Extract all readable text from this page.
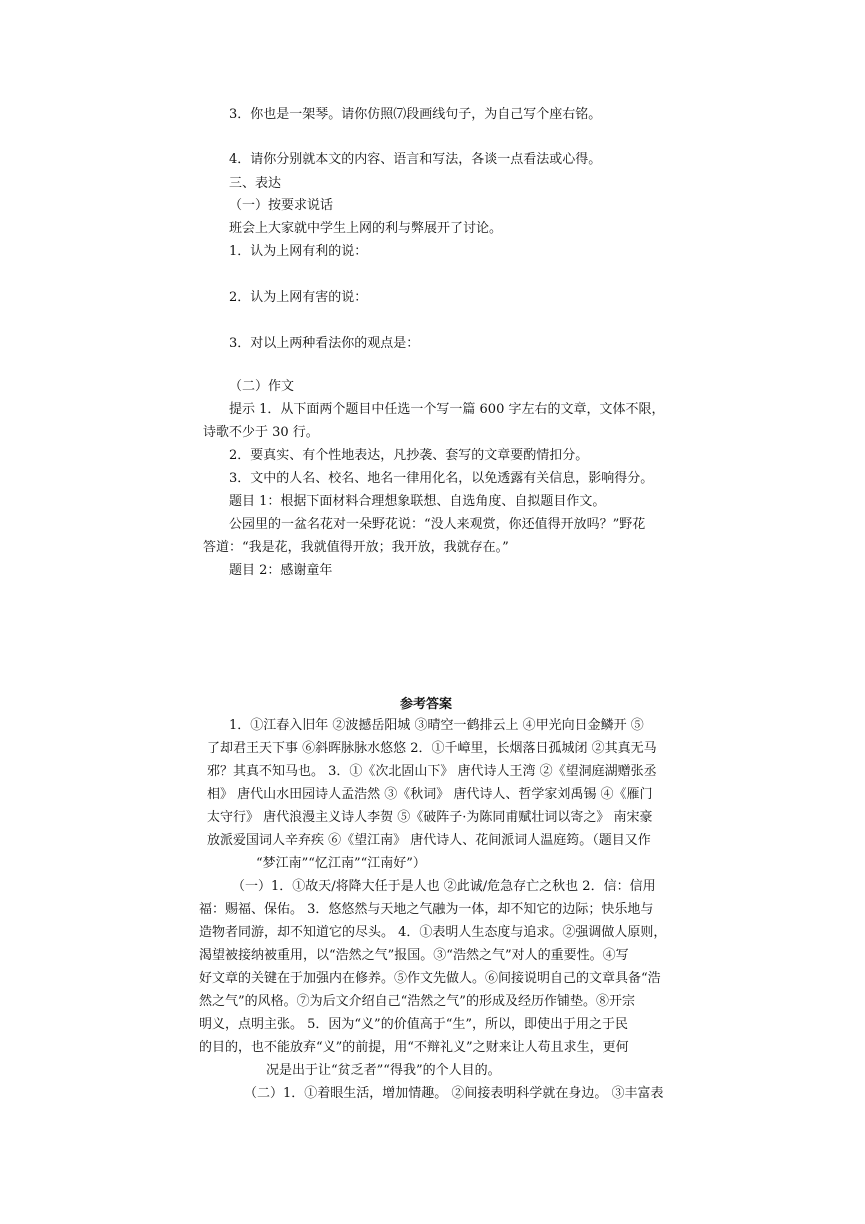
3．你也是一架琴。请你仿照⑺段画线句子，为自己写个座右铭。
4．请你分别就本文的内容、语言和写法，各谈一点看法或心得。
三、表达
（一）按要求说话
班会上大家就中学生上网的利与弊展开了讨论。
1．认为上网有利的说：
2．认为上网有害的说：
3．对以上两种看法你的观点是：
（二）作文
提示 1．从下面两个题目中任选一个写一篇 600 字左右的文章，文体不限，
诗歌不少于 30 行。
2．要真实、有个性地表达，凡抄袭、套写的文章要酌情扣分。
3．文中的人名、校名、地名一律用化名，以免透露有关信息，影响得分。
题目 1：根据下面材料合理想象联想、自选角度、自拟题目作文。
公园里的一盆名花对一朵野花说：“没人来观赏，你还值得开放吗？”野花
答道：“我是花，我就值得开放；我开放，我就存在。”
题目 2：感谢童年
参考答案
1．①江春入旧年 ②波撼岳阳城 ③晴空一鹤排云上 ④甲光向日金鳞开 ⑤
了却君王天下事 ⑥斜晖脉脉水悠悠 2．①千嶂里，长烟落日孤城闭 ②其真无马
邪？其真不知马也。 3．①《次北固山下》 唐代诗人王湾 ②《望洞庭湖赠张丞
相》 唐代山水田园诗人孟浩然 ③《秋词》 唐代诗人、哲学家刘禹锡 ④《雁门
太守行》 唐代浪漫主义诗人李贺 ⑤《破阵子·为陈同甫赋壮词以寄之》 南宋豪
放派爱国词人辛弃疾 ⑥《望江南》 唐代诗人、花间派词人温庭筠。（题目又作
“梦江南”“忆江南”“江南好”）
（一）1．①故天/将降大任于是人也 ②此诚/危急存亡之秋也 2．信：信用
福：赐福、保佑。 3．悠悠然与天地之气融为一体，却不知它的边际；快乐地与
造物者同游，却不知道它的尽头。 4．①表明人生态度与追求。②强调做人原则，
渴望被接纳被重用，以“浩然之气”报国。③“浩然之气”对人的重要性。④写
好文章的关键在于加强内在修养。⑤作文先做人。⑥间接说明自己的文章具备“浩
然之气”的风格。⑦为后文介绍自己“浩然之气”的形成及经历作铺垫。⑧开宗
明义，点明主张。 5．因为“义”的价值高于“生”，所以，即使出于用之于民
的目的，也不能放弃“义”的前提，用“不辩礼义”之财来让人苟且求生，更何
况是出于让“贫乏者”“得我”的个人目的。
（二）1．①着眼生活，增加情趣。 ②间接表明科学就在身边。 ③丰富表
